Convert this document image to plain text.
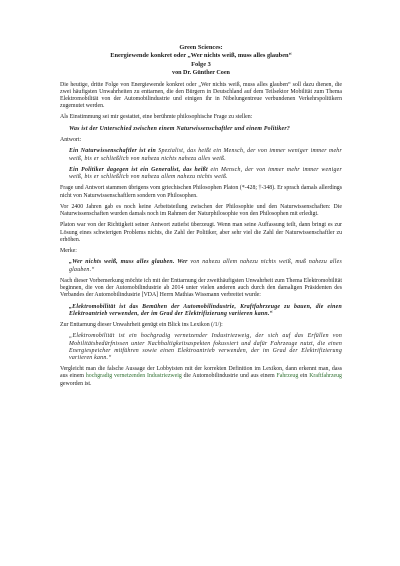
Green Sciences:
Energiewende konkret oder „Wer nichts weiß, muss alles glauben“
Folge 3
von Dr. Günther Coen

Die heutige, dritte Folge von Energiewende konkret oder „Wer nichts weiß, muss alles glauben“ soll dazu dienen, die zwei häufigsten Unwahrheiten zu enttarnen, die den Bürgern in Deutschland auf dem Teilsektor Mobilität zum Thema Elektromobilität von der Automobilindustrie und einigen ihr in Nibelungentreue verbundenen Verkehrspolitikern zugemutet werden.

Als Einstimmung sei mir gestattet, eine berühmte philosophische Frage zu stellen:

Was ist der Unterschied zwischen einem Naturwissenschaftler und einem Politiker?

Antwort:

Ein Naturwissenschaftler ist ein Spezialist, das heißt ein Mensch, der von immer weniger immer mehr weiß, bis er schließlich von nahezu nichts nahezu alles weiß.
Ein Politiker dagegen ist ein Generalist, das heißt ein Mensch, der von immer mehr immer weniger weiß, bis er schließlich von nahezu allem nahezu nichts weiß.

Frage und Antwort stammen übrigens vom griechischen Philosophen Platon (*-428; †-348). Er sprach damals allerdings nicht von Naturwissenschaftlern sondern von Philosophen.

Vor 2400 Jahren gab es noch keine Arbeitsteilung zwischen der Philosophie und den Naturwissenschaften: Die Naturwissenschaften wurden damals noch im Rahmen der Naturphilosophie von den Philosophen mit erledigt.

Platon war von der Richtigkeit seiner Antwort zutiefst überzeugt. Wenn man seine Auffassung teilt, dann bringt es zur Lösung eines schwierigen Problems nichts, die Zahl der Politiker, aber sehr viel die Zahl der Naturwissenschaftler zu erhöhen.

Merke:

„Wer nichts weiß, muss alles glauben. Wer von nahezu allem nahezu nichts weiß, muß nahezu alles glauben.“

Nach dieser Vorbemerkung möchte ich mit der Enttarnung der zweithäufigsten Unwahrheit zum Thema Elektromobilität beginnen, die von der Automobilindustrie ab 2014 unter vielen anderen auch durch den damaligen Präsidenten des Verbandes der Automobilindustrie [VDA] Herrn Mathias Wissmann verbreitet wurde:

„Elektromobilität ist das Bemühen der Automobilindustrie, Kraftfahrzeuge zu bauen, die einen Elektroantrieb verwenden, der im Grad der Elektrifizierung variieren kann.“

Zur Enttarnung dieser Unwahrheit genügt ein Blick ins Lexikon (/1/):

„Elektromobilität ist ein hochgradig vernetzender Industriezweig, der sich auf das Erfüllen von Mobilitätsbedürfnissen unter Nachhaltigkeitsaspekten fokussiert und dafür Fahrzeuge nutzt, die einen Energiespeicher mitführen sowie einen Elektroantrieb verwenden, der im Grad der Elektrifizierung variieren kann.“

Vergleicht man die falsche Aussage der Lobbyisten mit der korrekten Definition im Lexikon, dann erkennt man, dass aus einem hochgradig vernetzenden Industriezweig die Automobilindustrie und aus einem Fahrzeug ein Kraftfahrzeug geworden ist.
